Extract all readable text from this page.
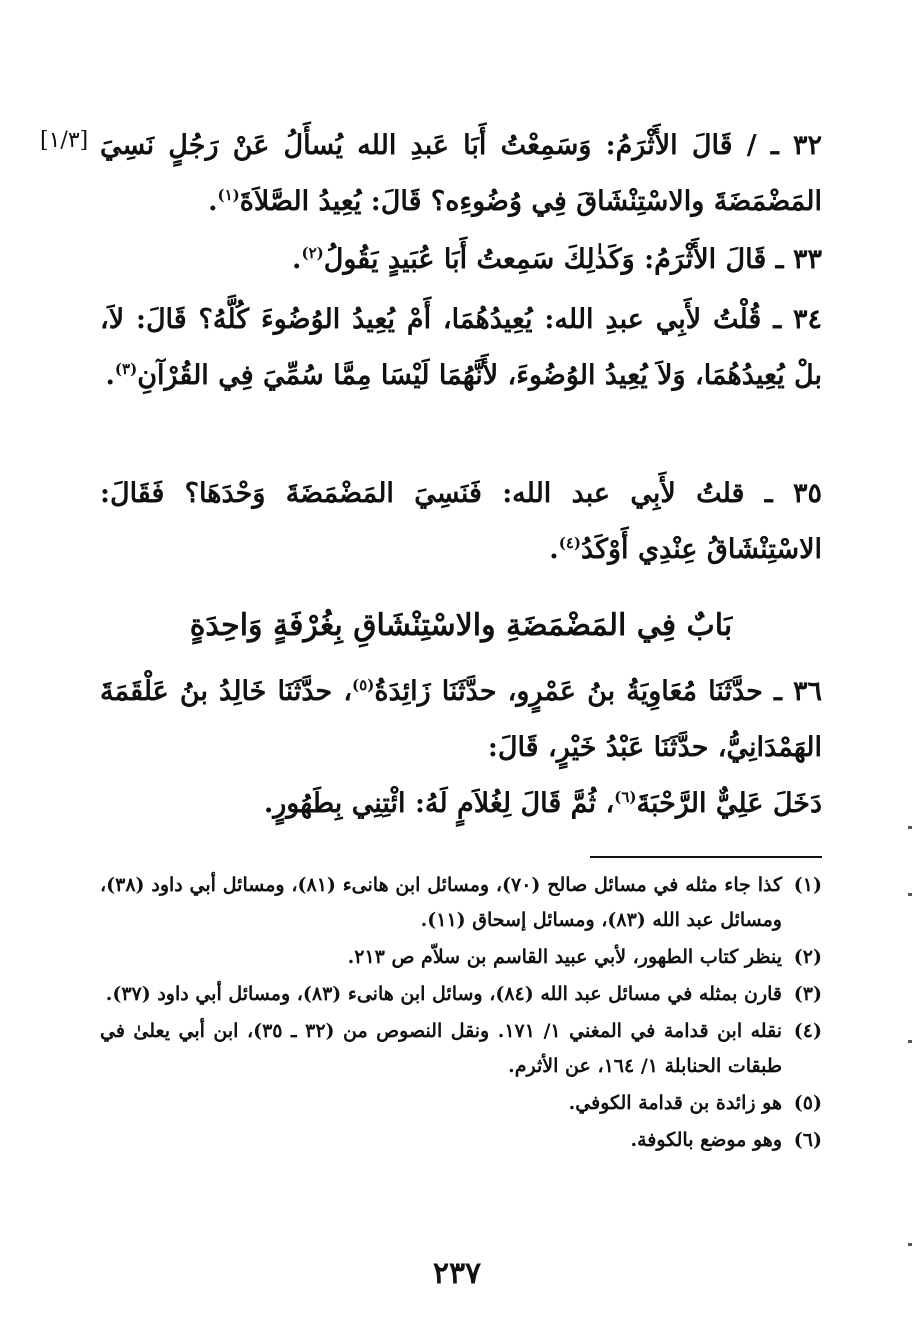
٣٢ ـ / قَالَ الأَثْرَمُ: وَسَمِعْتُ أَبَا عَبدِ الله يُسأَلُ عَنْ رَجُلٍ نَسِيَ المَضْمَضَةَ والاسْتِنْشَاقَ فِي وُضُوءِه؟ قَالَ: يُعِيدُ الصَّلاَةَ$^{(١)}$.

[١/٣]

٣٣ ـ قَالَ الأَثْرَمُ: وَكَذٰلِكَ سَمِعتُ أَبَا عُبَيدٍ يَقُولُ$^{(٢)}$.

٣٤ ـ قُلْتُ لأَبِي عبدِ الله: يُعِيدُهُمَا، أَمْ يُعِيدُ الوُضُوءَ كُلَّهُ؟ قَالَ: لاَ، بلْ يُعِيدُهُمَا، وَلاَ يُعِيدُ الوُضُوءَ، لأَنَّهُمَا لَيْسَا مِمَّا سُمِّيَ فِي القُرْآنِ$^{(٣)}$.

٣٥ ـ قلتُ لأَبِي عبد الله: فَنَسِيَ المَضْمَضَةَ وَحْدَهَا؟ فَقَالَ: الاسْتِنْشَاقُ عِنْدِي أَوْكَدُ$^{(٤)}$.

بَابٌ فِي المَضْمَضَةِ والاسْتِنْشَاقِ بِغُرْفَةٍ وَاحِدَةٍ

٣٦ ـ حدَّثَنَا مُعَاوِيَةُ بنُ عَمْرٍو، حدَّثَنَا زَائِدَةُ$^{(٥)}$، حدَّثَنَا خَالِدُ بنُ عَلْقَمَةَ الهَمْدَانِيُّ، حدَّثَنَا عَبْدُ خَيْرٍ، قَالَ:

دَخَلَ عَلِيٌّ الرَّحْبَةَ$^{(٦)}$، ثُمَّ قَالَ لِغُلاَمٍ لَهُ: ائْتِنِي بِطَهُورٍ.

(١)
كذا جاء مثله في مسائل صالح (٧٠)، ومسائل ابن هانىء (٨١)، ومسائل أبي داود (٣٨)، ومسائل عبد الله (٨٣)، ومسائل إسحاق (١١).

(٢)
ينظر كتاب الطهور، لأبي عبيد القاسم بن سلاّم ص ٢١٣.

(٣)
قارن بمثله في مسائل عبد الله (٨٤)، وسائل ابن هانىء (٨٣)، ومسائل أبي داود (٣٧).

(٤)
نقله ابن قدامة في المغني ١/ ١٧١. ونقل النصوص من (٣٢ ـ ٣٥)، ابن أبي يعلىٰ في طبقات الحنابلة ١/ ١٦٤، عن الأثرم.

(٥)
هو زائدة بن قدامة الكوفي.

(٦)
وهو موضع بالكوفة.

٢٣٧
